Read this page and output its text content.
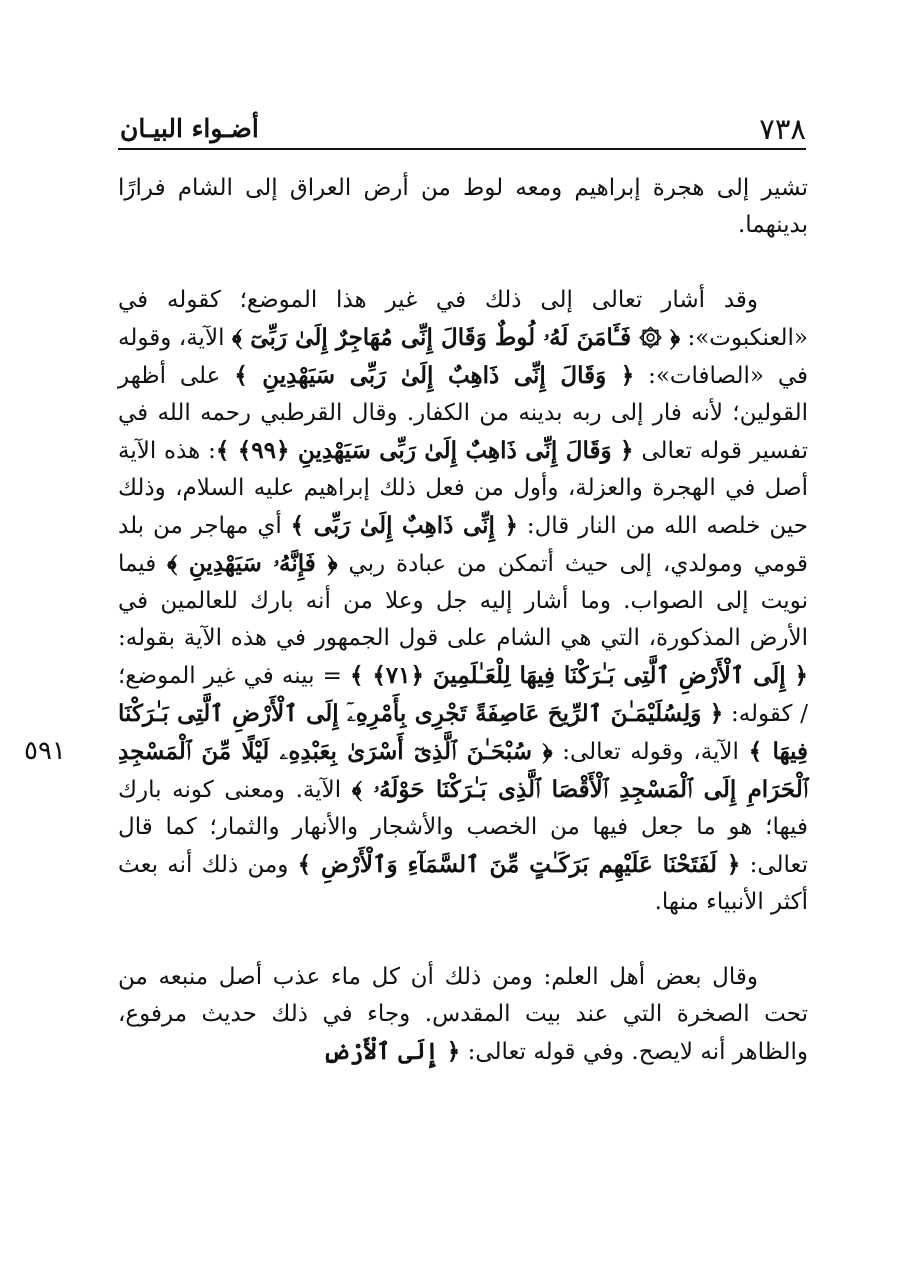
٧٣٨
أضـواء البيـان
٥٩١

تشير إلى هجرة إبراهيم ومعه لوط من أرض العراق إلى الشام فرارًا بدينهما.

وقد أشار تعالى إلى ذلك في غير هذا الموضع؛ كقوله في «العنكبوت»: ﴿ ۞ فَـَٔامَنَ لَهُۥ لُوطٌ وَقَالَ إِنِّى مُهَاجِرٌ إِلَىٰ رَبِّىٓ ﴾ الآية، وقوله في «الصافات»: ﴿ وَقَالَ إِنِّى ذَاهِبٌ إِلَىٰ رَبِّى سَيَهْدِينِ ﴾ على أظهر القولين؛ لأنه فار إلى ربه بدينه من الكفار. وقال القرطبي رحمه الله في تفسير قوله تعالى ﴿ وَقَالَ إِنِّى ذَاهِبٌ إِلَىٰ رَبِّى سَيَهْدِينِ ﴿٩٩﴾ ﴾: هذه الآية أصل في الهجرة والعزلة، وأول من فعل ذلك إبراهيم عليه السلام، وذلك حين خلصه الله من النار قال: ﴿ إِنِّى ذَاهِبٌ إِلَىٰ رَبِّى ﴾ أي مهاجر من بلد قومي ومولدي، إلى حيث أتمكن من عبادة ربي ﴿ فَإِنَّهُۥ سَيَهْدِينِ ﴾ فيما نويت إلى الصواب. وما أشار إليه جل وعلا من أنه بارك للعالمين في الأرض المذكورة، التي هي الشام على قول الجمهور في هذه الآية بقوله: ﴿ إِلَى ٱلْأَرْضِ ٱلَّتِى بَـٰرَكْنَا فِيهَا لِلْعَـٰلَمِينَ ﴿٧١﴾ ﴾ = بينه في غير الموضع؛ / كقوله: ﴿ وَلِسُلَيْمَـٰنَ ٱلرِّيحَ عَاصِفَةً تَجْرِى بِأَمْرِهِۦٓ إِلَى ٱلْأَرْضِ ٱلَّتِى بَـٰرَكْنَا فِيهَا ﴾ الآية، وقوله تعالى: ﴿ سُبْحَـٰنَ ٱلَّذِىٓ أَسْرَىٰ بِعَبْدِهِۦ لَيْلًا مِّنَ ٱلْمَسْجِدِ ٱلْحَرَامِ إِلَى ٱلْمَسْجِدِ ٱلْأَقْصَا ٱلَّذِى بَـٰرَكْنَا حَوْلَهُۥ ﴾ الآية. ومعنى كونه بارك فيها؛ هو ما جعل فيها من الخصب والأشجار والأنهار والثمار؛ كما قال تعالى: ﴿ لَفَتَحْنَا عَلَيْهِم بَرَكَـٰتٍ مِّنَ ٱلسَّمَآءِ وَٱلْأَرْضِ ﴾ ومن ذلك أنه بعث أكثر الأنبياء منها.

وقال بعض أهل العلم: ومن ذلك أن كل ماء عذب أصل منبعه من تحت الصخرة التي عند بيت المقدس. وجاء في ذلك حديث مرفوع، والظاهر أنه لايصح. وفي قوله تعالى: ﴿ إِلَى ٱلْأَرْضِ
